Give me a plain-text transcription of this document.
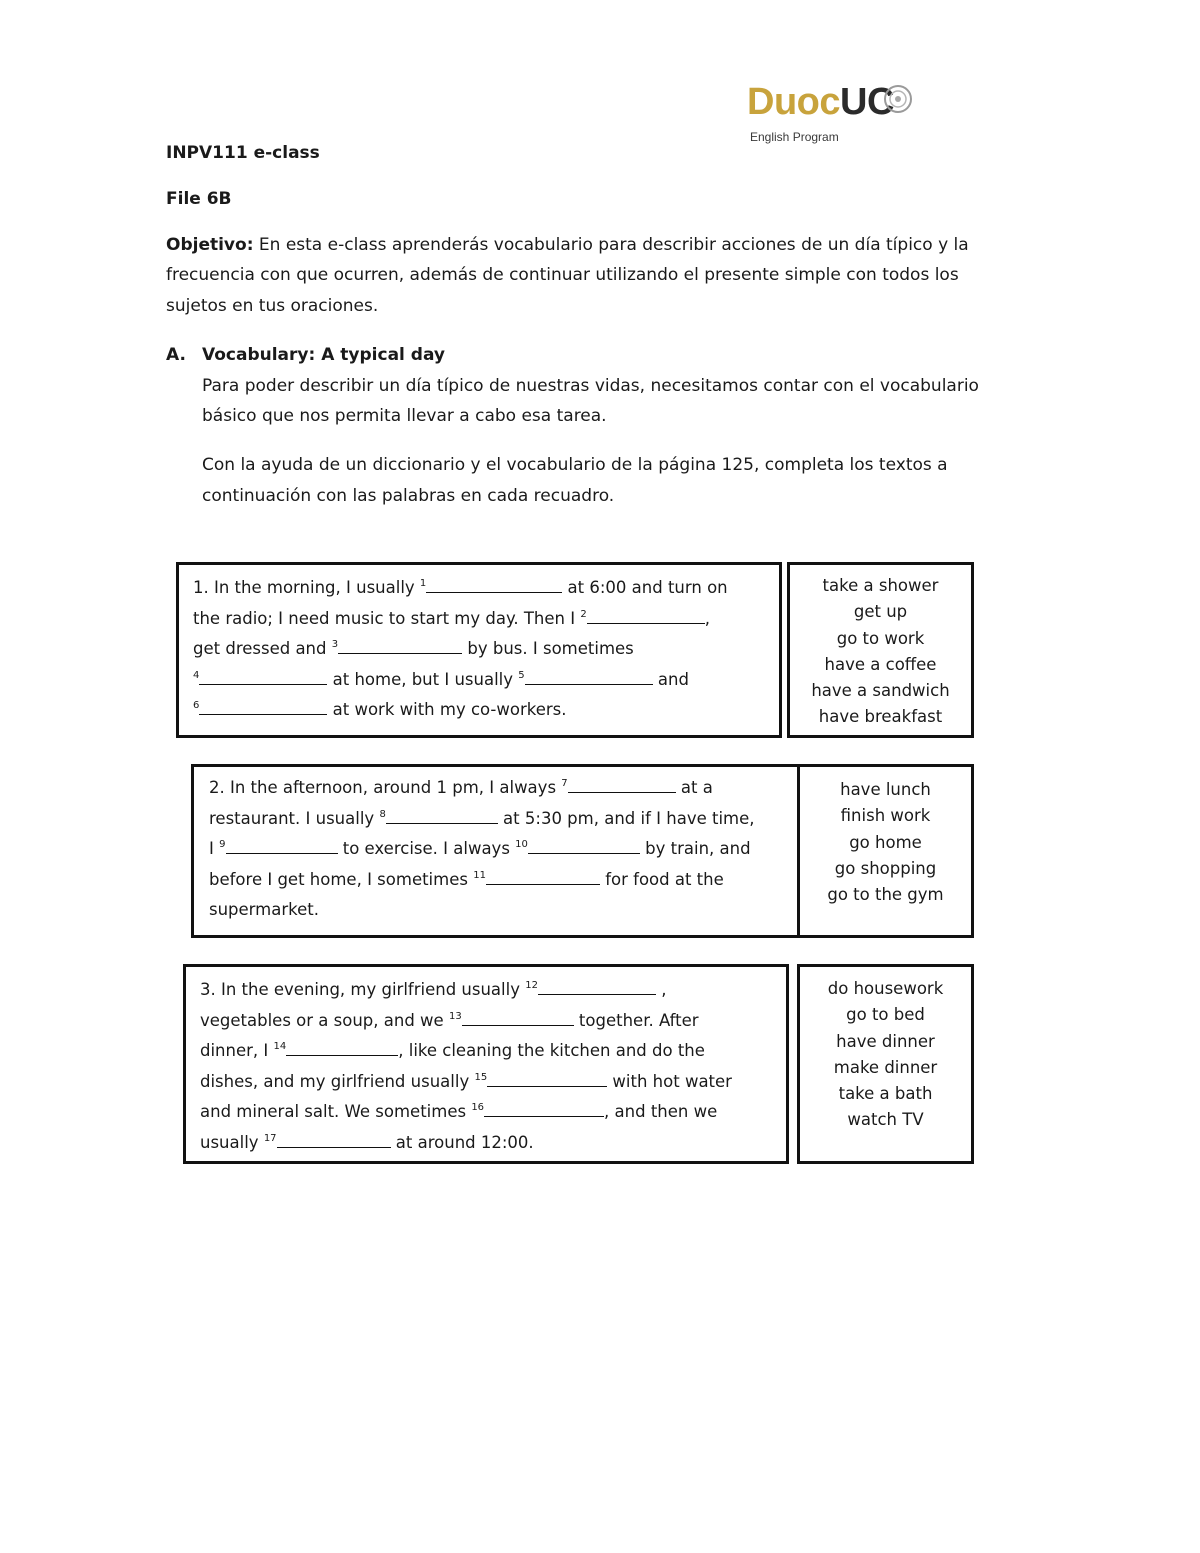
DuocUC
English Program
INPV111 e-class
File 6B
Objetivo: En esta e-class aprenderás vocabulario para describir acciones de un día típico y la
frecuencia con que ocurren, además de continuar utilizando el presente simple con todos los
sujetos en tus oraciones.
A. Vocabulary: A typical day
Para poder describir un día típico de nuestras vidas, necesitamos contar con el vocabulario
básico que nos permita llevar a cabo esa tarea.
Con la ayuda de un diccionario y el vocabulario de la página 125, completa los textos a
continuación con las palabras en cada recuadro.
1. In the morning, I usually $^1$	at 6:00 and turn on
the radio; I need music to start my day. Then I $^2$	,
get dressed and $^3$	by bus. I sometimes
$^4$	at home, but I usually $^5$	and
$^6$	at work with my co-workers.
take a shower
get up
go to work
have a coffee
have a sandwich
have breakfast
2. In the afternoon, around 1 pm, I always $^7$	at a
restaurant. I usually $^8$	at 5:30 pm, and if I have time,
I $^9$	to exercise. I always $^{10}$	by train, and
before I get home, I sometimes $^{11}$	for food at the
supermarket.
have lunch
finish work
go home
go shopping
go to the gym
3. In the evening, my girlfriend usually $^{12}$	,
vegetables or a soup, and we $^{13}$	together. After
dinner, I $^{14}$	, like cleaning the kitchen and do the
dishes, and my girlfriend usually $^{15}$	with hot water
and mineral salt. We sometimes $^{16}$	, and then we
usually $^{17}$	at around 12:00.
do housework
go to bed
have dinner
make dinner
take a bath
watch TV
